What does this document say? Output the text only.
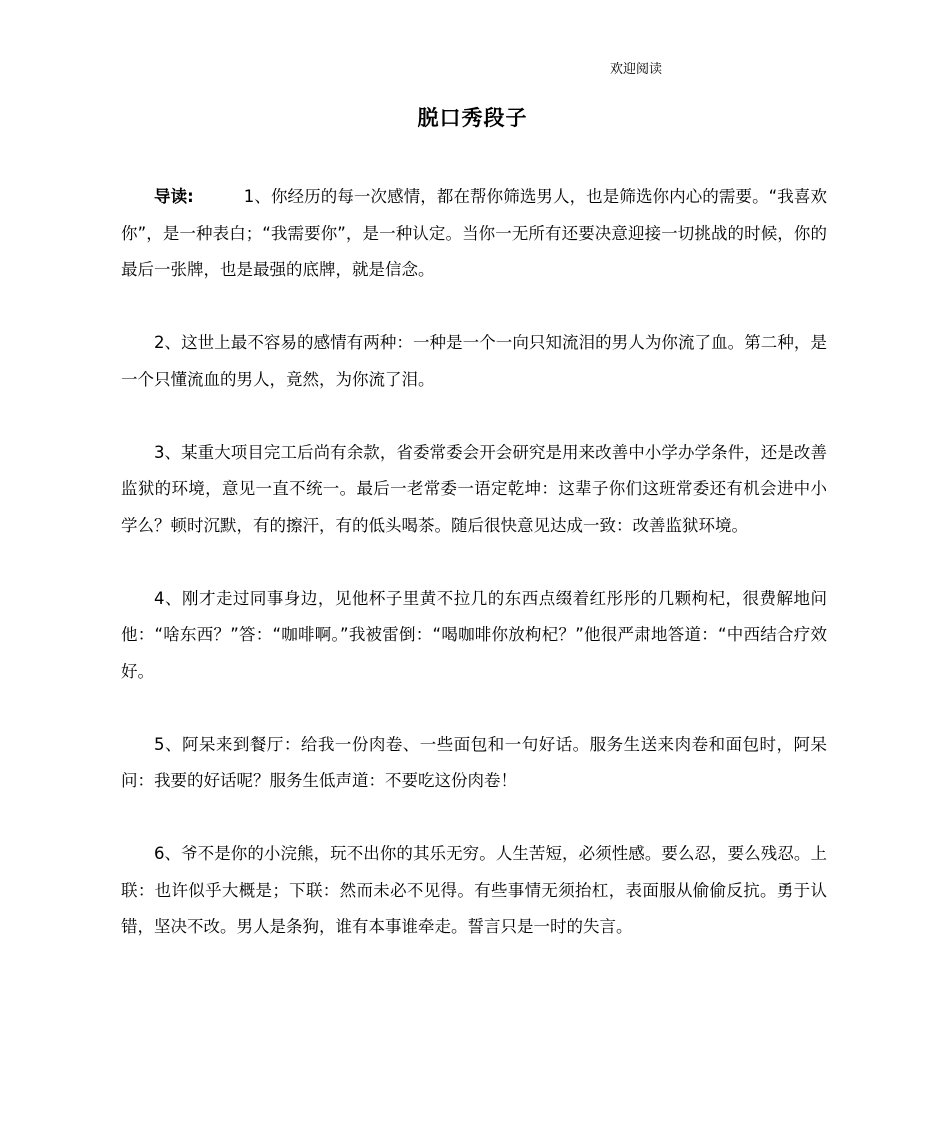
欢迎阅读
脱口秀段子

导读:	1、你经历的每一次感情，都在帮你筛选男人，也是筛选你内心的需要。“我喜欢你”，是一种表白；“我需要你”，是一种认定。当你一无所有还要决意迎接一切挑战的时候，你的最后一张牌，也是最强的底牌，就是信念。

2、这世上最不容易的感情有两种：一种是一个一向只知流泪的男人为你流了血。第二种，是一个只懂流血的男人，竟然，为你流了泪。

3、某重大项目完工后尚有余款，省委常委会开会研究是用来改善中小学办学条件，还是改善监狱的环境，意见一直不统一。最后一老常委一语定乾坤：这辈子你们这班常委还有机会进中小学么？顿时沉默，有的擦汗，有的低头喝茶。随后很快意见达成一致：改善监狱环境。

4、刚才走过同事身边，见他杯子里黄不拉几的东西点缀着红彤彤的几颗枸杞，很费解地问他：“啥东西？”答：“咖啡啊。”我被雷倒：“喝咖啡你放枸杞？”他很严肃地答道：“中西结合疗效好。

5、阿呆来到餐厅：给我一份肉卷、一些面包和一句好话。服务生送来肉卷和面包时，阿呆问：我要的好话呢？服务生低声道：不要吃这份肉卷！

6、爷不是你的小浣熊，玩不出你的其乐无穷。人生苦短，必须性感。要么忍，要么残忍。上联：也许似乎大概是；下联：然而未必不见得。有些事情无须抬杠，表面服从偷偷反抗。勇于认错，坚决不改。男人是条狗，谁有本事谁牵走。誓言只是一时的失言。
